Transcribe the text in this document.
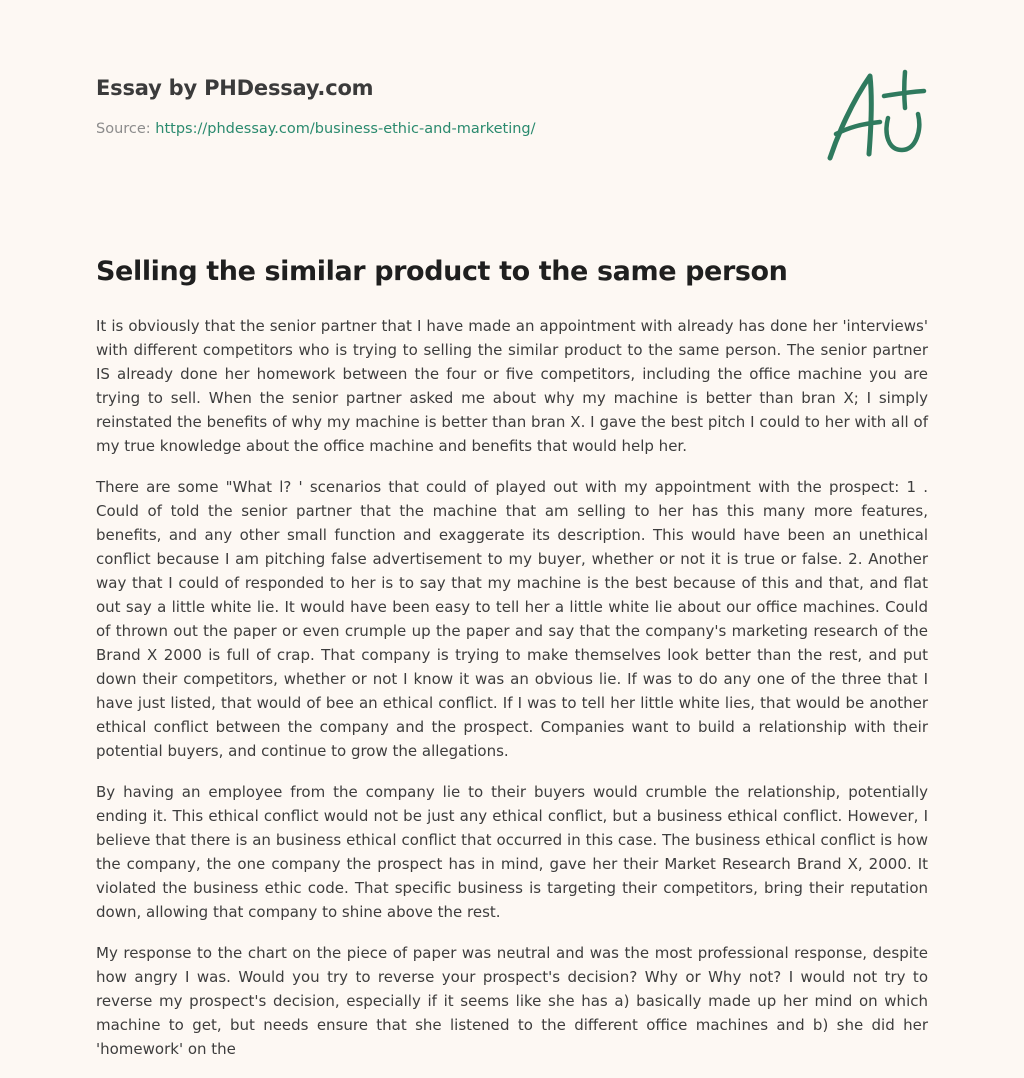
Essay by PHDessay.com
Source: https://phdessay.com/business-ethic-and-marketing/
Selling the similar product to the same person

It is obviously that the senior partner that I have made an appointment with already has done her 'interviews' with different competitors who is trying to selling the similar product to the same person. The senior partner IS already done her homework between the four or five competitors, including the office machine you are trying to sell. When the senior partner asked me about why my machine is better than bran X; I simply reinstated the benefits of why my machine is better than bran X. I gave the best pitch I could to her with all of my true knowledge about the office machine and benefits that would help her.

There are some "What l? ' scenarios that could of played out with my appointment with the prospect: 1 . Could of told the senior partner that the machine that am selling to her has this many more features, benefits, and any other small function and exaggerate its description. This would have been an unethical conflict because I am pitching false advertisement to my buyer, whether or not it is true or false. 2. Another way that I could of responded to her is to say that my machine is the best because of this and that, and flat out say a little white lie. It would have been easy to tell her a little white lie about our office machines. Could of thrown out the paper or even crumple up the paper and say that the company's marketing research of the Brand X 2000 is full of crap. That company is trying to make themselves look better than the rest, and put down their competitors, whether or not I know it was an obvious lie. If was to do any one of the three that I have just listed, that would of bee an ethical conflict. If I was to tell her little white lies, that would be another ethical conflict between the company and the prospect. Companies want to build a relationship with their potential buyers, and continue to grow the allegations.

By having an employee from the company lie to their buyers would crumble the relationship, potentially ending it. This ethical conflict would not be just any ethical conflict, but a business ethical conflict. However, I believe that there is an business ethical conflict that occurred in this case. The business ethical conflict is how the company, the one company the prospect has in mind, gave her their Market Research Brand X, 2000. It violated the business ethic code. That specific business is targeting their competitors, bring their reputation down, allowing that company to shine above the rest.

My response to the chart on the piece of paper was neutral and was the most professional response, despite how angry I was. Would you try to reverse your prospect's decision? Why or Why not? I would not try to reverse my prospect's decision, especially if it seems like she has a) basically made up her mind on which machine to get, but needs ensure that she listened to the different office machines and b) she did her 'homework' on the
